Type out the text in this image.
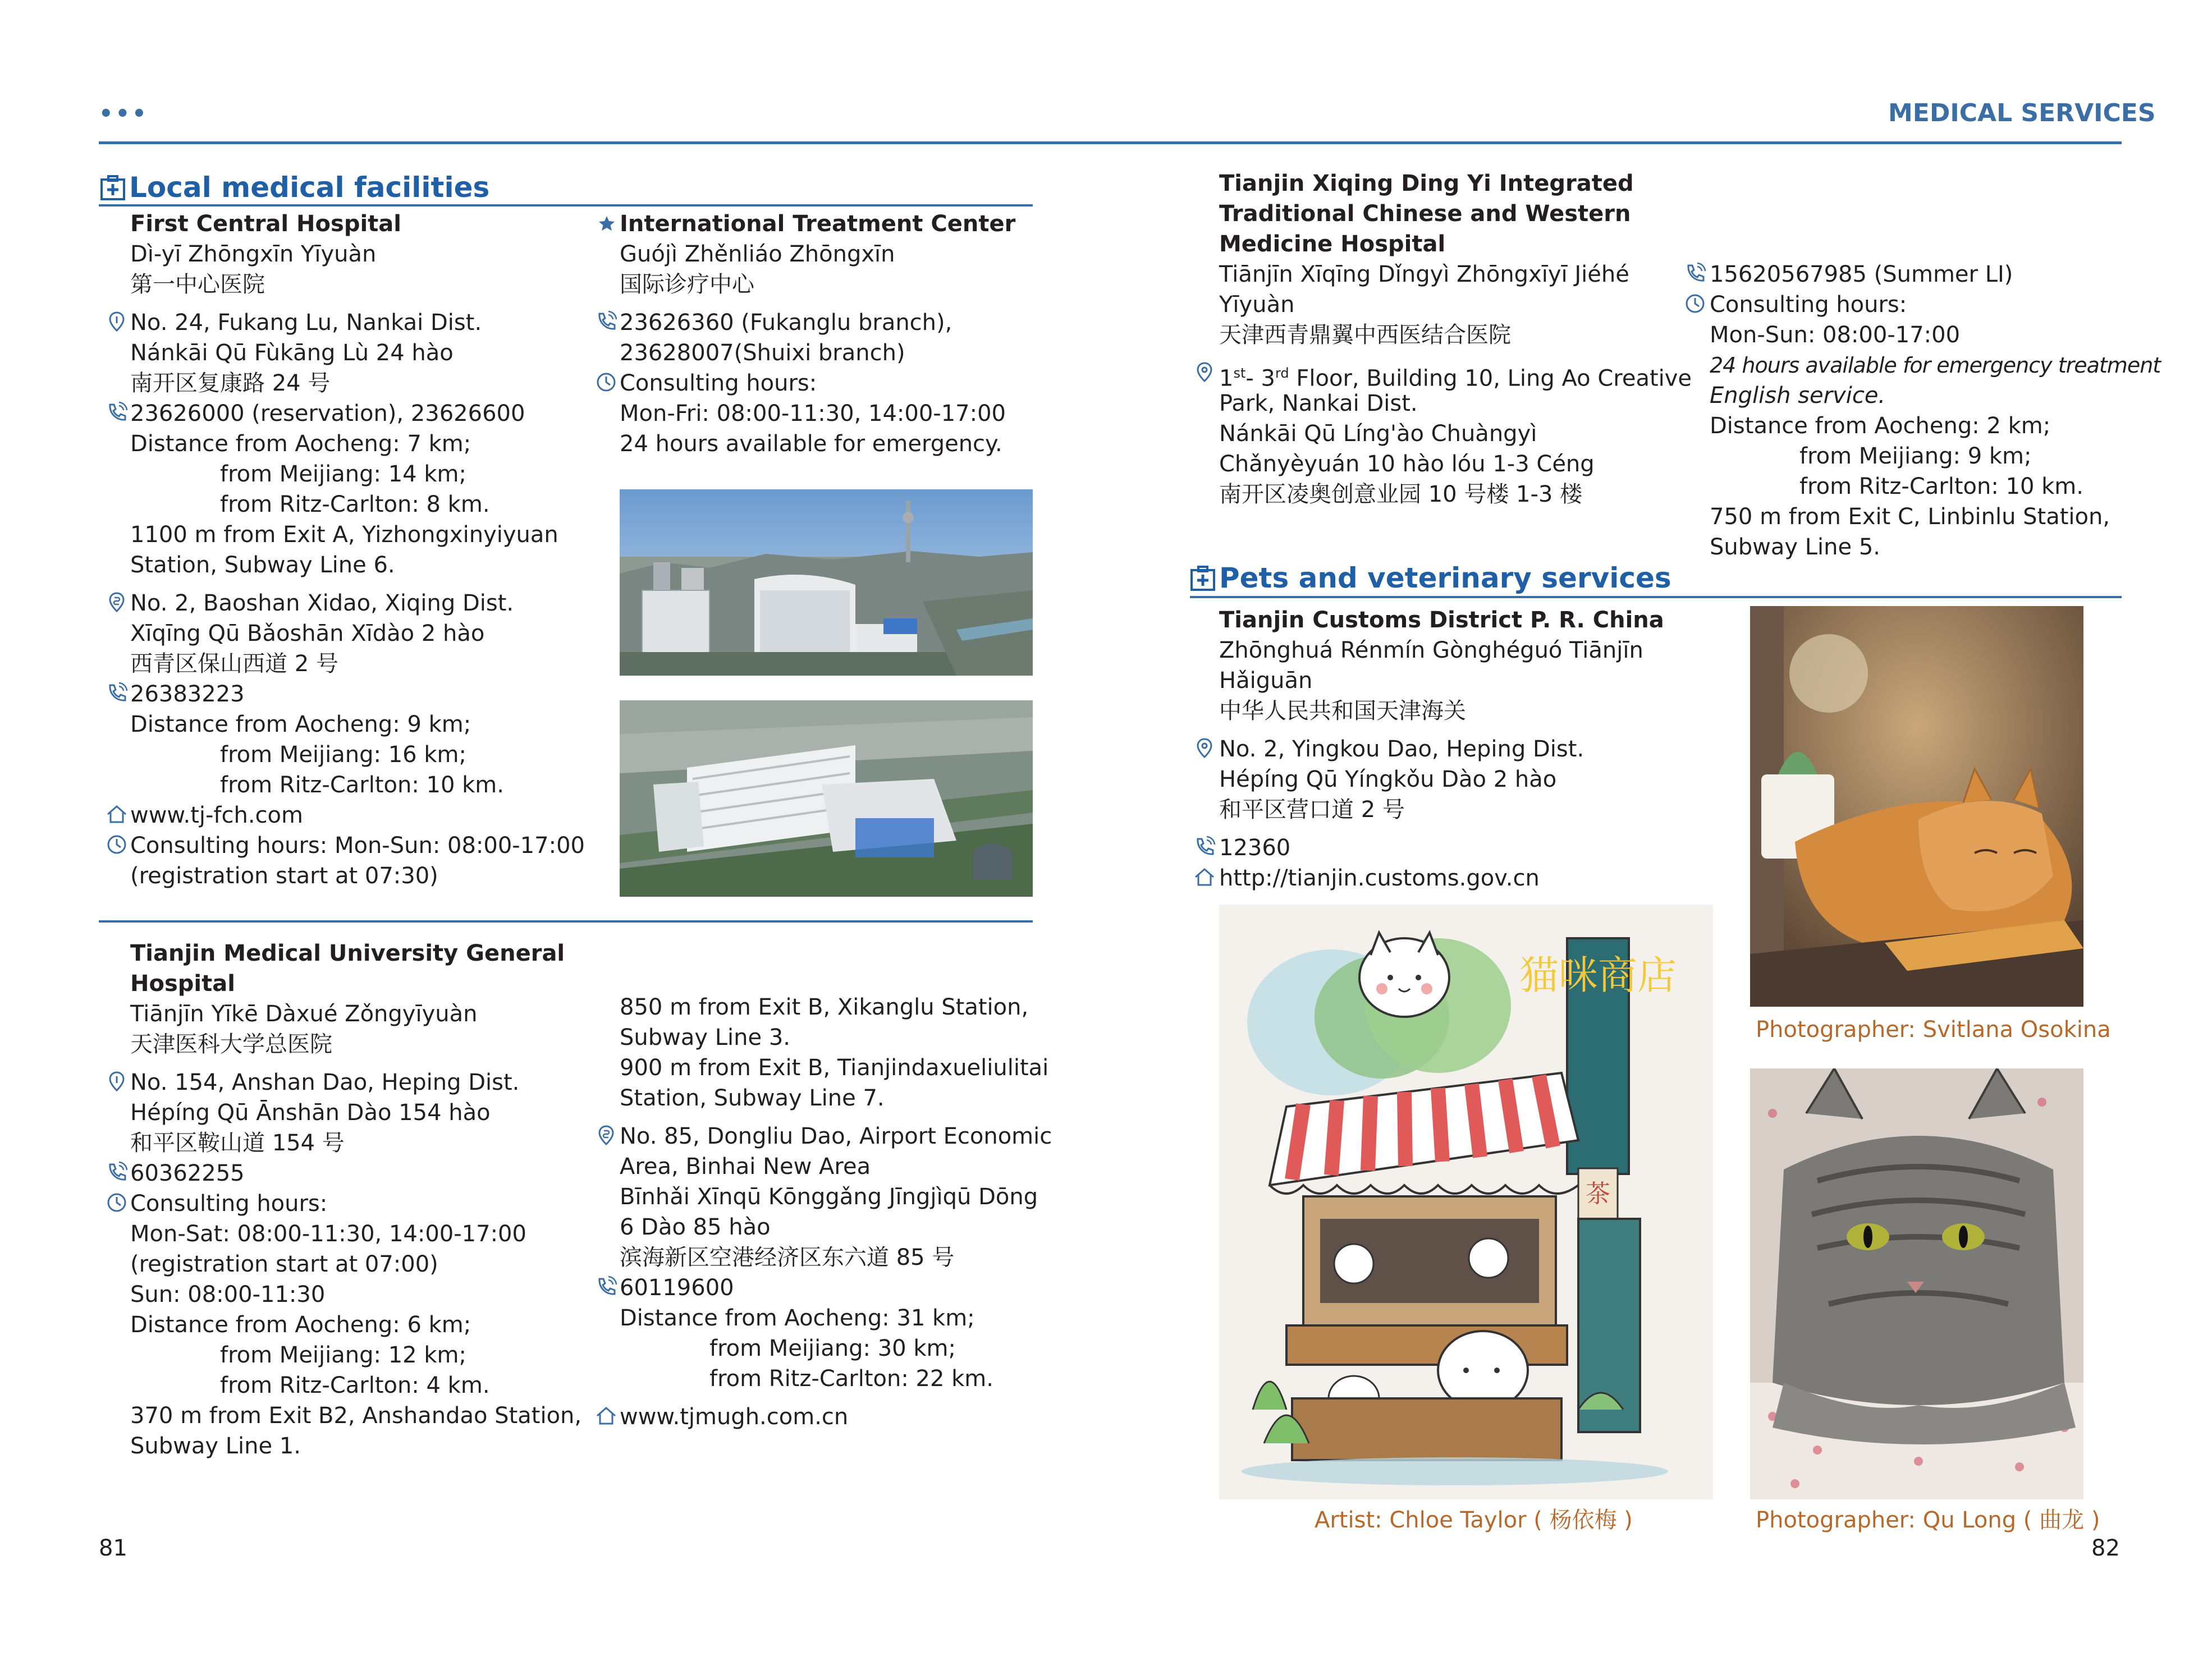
•••	MEDICAL SERVICES
Local medical facilities
First Central Hospital
Dì-yī Zhōngxīn Yīyuàn
第一中心医院
No. 24, Fukang Lu, Nankai Dist.
Nánkāi Qū Fùkāng Lù 24 hào
南开区复康路 24 号
23626000 (reservation), 23626600
Distance from Aocheng: 7 km;
from Meijiang: 14 km;
from Ritz-Carlton: 8 km.
1100 m from Exit A, Yizhongxinyiyuan
Station, Subway Line 6.
No. 2, Baoshan Xidao, Xiqing Dist.
Xīqīng Qū Bǎoshān Xīdào 2 hào
西青区保山西道 2 号
26383223
Distance from Aocheng: 9 km;
from Meijiang: 16 km;
from Ritz-Carlton: 10 km.
www.tj-fch.com
Consulting hours: Mon-Sun: 08:00-17:00
(registration start at 07:30)
International Treatment Center
Guójì Zhěnliáo Zhōngxīn
国际诊疗中心
23626360 (Fukanglu branch),
23628007(Shuixi branch)
Consulting hours:
Mon-Fri: 08:00-11:30, 14:00-17:00
24 hours available for emergency.
Tianjin Medical University General
Hospital
Tiānjīn Yīkē Dàxué Zǒngyīyuàn
天津医科大学总医院
No. 154, Anshan Dao, Heping Dist.
Hépíng Qū Ānshān Dào 154 hào
和平区鞍山道 154 号
60362255
Consulting hours:
Mon-Sat: 08:00-11:30, 14:00-17:00
(registration start at 07:00)
Sun: 08:00-11:30
Distance from Aocheng: 6 km;
from Meijiang: 12 km;
from Ritz-Carlton: 4 km.
370 m from Exit B2, Anshandao Station,
Subway Line 1.
850 m from Exit B, Xikanglu Station,
Subway Line 3.
900 m from Exit B, Tianjindaxueliulitai
Station, Subway Line 7.
No. 85, Dongliu Dao, Airport Economic
Area, Binhai New Area
Bīnhǎi Xīnqū Kōnggǎng Jīngjìqū Dōng
6 Dào 85 hào
滨海新区空港经济区东六道 85 号
60119600
Distance from Aocheng: 31 km;
from Meijiang: 30 km;
from Ritz-Carlton: 22 km.
www.tjmugh.com.cn
81
Tianjin Xiqing Ding Yi Integrated
Traditional Chinese and Western
Medicine Hospital
Tiānjīn Xīqīng Dǐngyì Zhōngxīyī Jiéhé
Yīyuàn
天津西青鼎翼中西医结合医院
1st- 3rd Floor, Building 10, Ling Ao Creative
Park, Nankai Dist.
Nánkāi Qū Líng'ào Chuàngyì
Chǎnyèyuán 10 hào lóu 1-3 Céng
南开区凌奥创意业园 10 号楼 1-3 楼
15620567985 (Summer LI)
Consulting hours:
Mon-Sun: 08:00-17:00
24 hours available for emergency treatment
English service.
Distance from Aocheng: 2 km;
from Meijiang: 9 km;
from Ritz-Carlton: 10 km.
750 m from Exit C, Linbinlu Station,
Subway Line 5.
Pets and veterinary services
Tianjin Customs District P. R. China
Zhōnghuá Rénmín Gònghéguó Tiānjīn
Hǎiguān
中华人民共和国天津海关
No. 2, Yingkou Dao, Heping Dist.
Hépíng Qū Yíngkǒu Dào 2 hào
和平区营口道 2 号
12360
http://tianjin.customs.gov.cn
猫咪商店
茶
Photographer: Svitlana Osokina
Photographer: Qu Long ( 曲龙 )
Artist: Chloe Taylor ( 杨依梅 )
82
